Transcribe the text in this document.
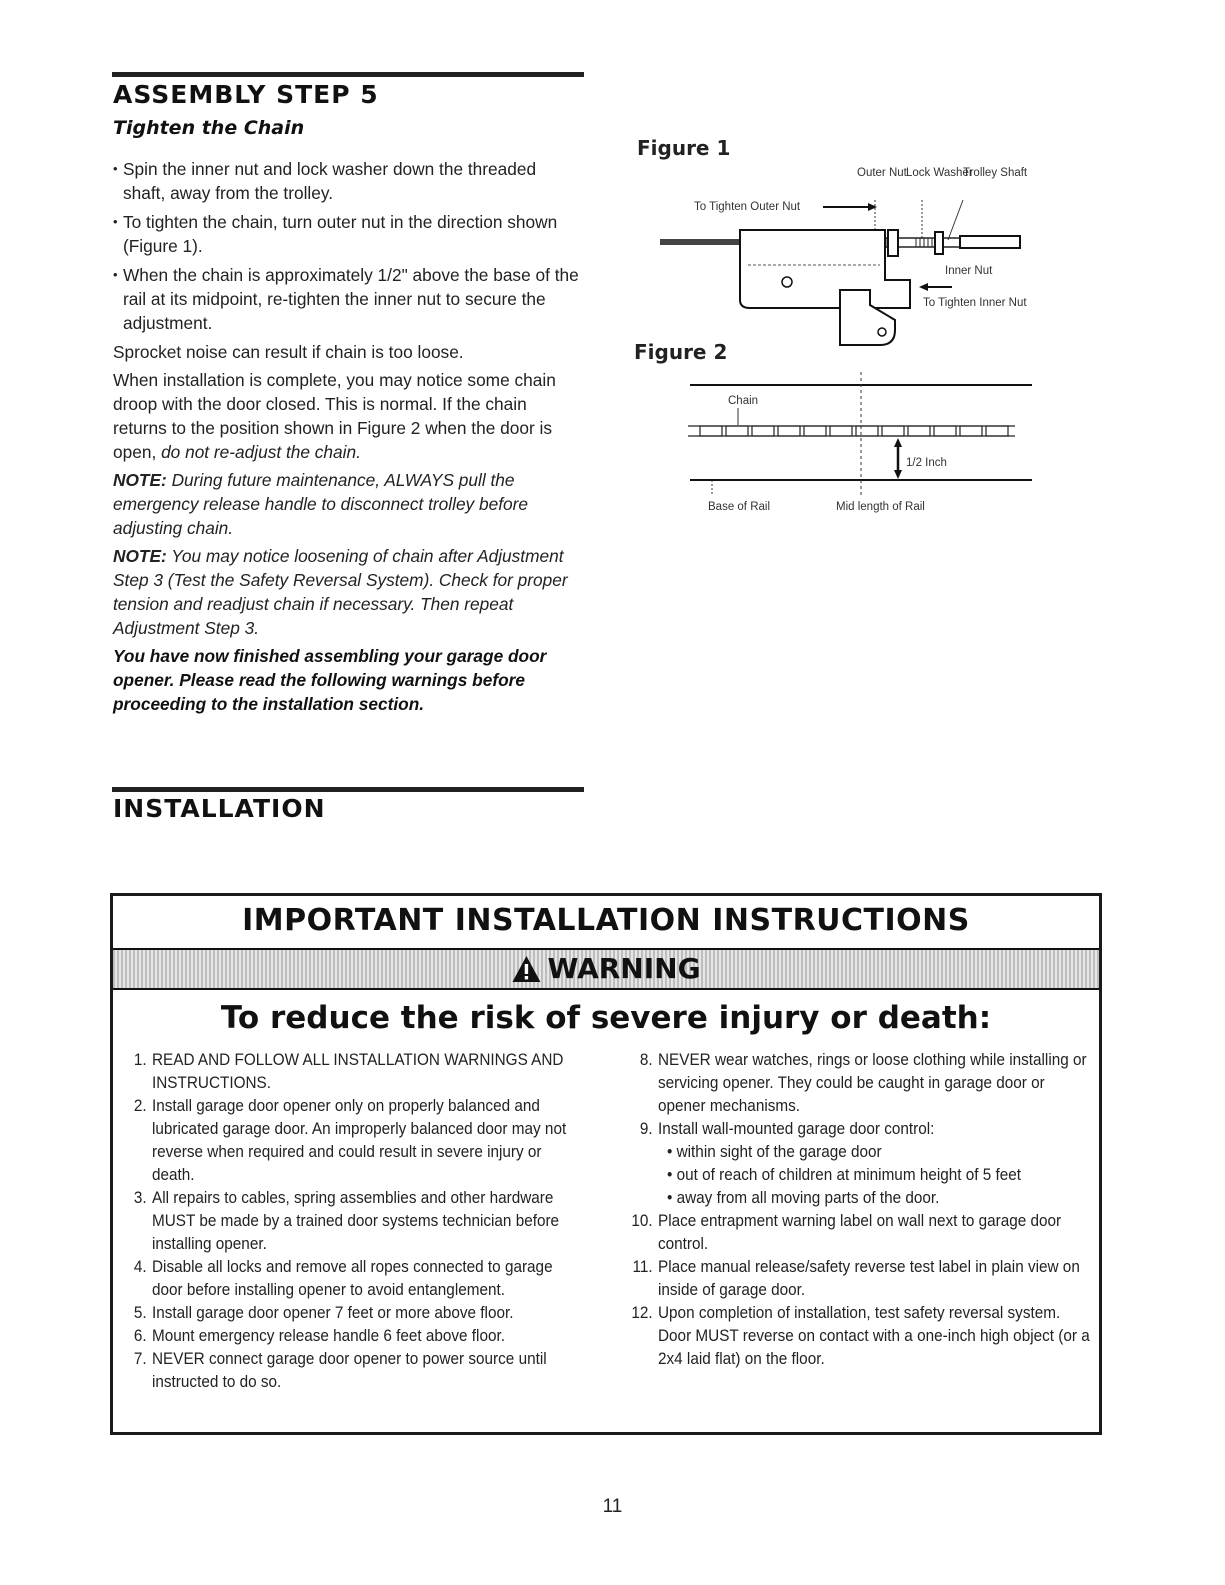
ASSEMBLY STEP 5
Tighten the Chain
• Spin the inner nut and lock washer down the threaded shaft, away from the trolley.
• To tighten the chain, turn outer nut in the direction shown (Figure 1).
• When the chain is approximately 1/2" above the base of the rail at its midpoint, re-tighten the inner nut to secure the adjustment.

Sprocket noise can result if chain is too loose.

When installation is complete, you may notice some chain droop with the door closed. This is normal. If the chain returns to the position shown in Figure 2 when the door is open, do not re-adjust the chain.

NOTE: During future maintenance, ALWAYS pull the emergency release handle to disconnect trolley before adjusting chain.

NOTE: You may notice loosening of chain after Adjustment Step 3 (Test the Safety Reversal System). Check for proper tension and readjust chain if necessary. Then repeat Adjustment Step 3.

You have now finished assembling your garage door opener. Please read the following warnings before proceeding to the installation section.

Figure 1
Outer Nut Lock Washer
Trolley Shaft
To Tighten Outer Nut
Inner Nut
To Tighten Inner Nut
Figure 2
Chain
1/2 Inch
Base of Rail	Mid length of Rail
INSTALLATION
IMPORTANT INSTALLATION INSTRUCTIONS
WARNING
To reduce the risk of severe injury or death:
1. READ AND FOLLOW ALL INSTALLATION WARNINGS AND INSTRUCTIONS.
2. Install garage door opener only on properly balanced and lubricated garage door. An improperly balanced door may not reverse when required and could result in severe injury or death.
3. All repairs to cables, spring assemblies and other hardware MUST be made by a trained door systems technician before installing opener.
4. Disable all locks and remove all ropes connected to garage door before installing opener to avoid entanglement.
5. Install garage door opener 7 feet or more above floor.
6. Mount emergency release handle 6 feet above floor.
7. NEVER connect garage door opener to power source until instructed to do so.
8. NEVER wear watches, rings or loose clothing while installing or servicing opener. They could be caught in garage door or opener mechanisms.
9. Install wall-mounted garage door control:
• within sight of the garage door
• out of reach of children at minimum height of 5 feet
• away from all moving parts of the door.
10. Place entrapment warning label on wall next to garage door control.
11. Place manual release/safety reverse test label in plain view on inside of garage door.
12. Upon completion of installation, test safety reversal system. Door MUST reverse on contact with a one-inch high object (or a 2x4 laid flat) on the floor.
11
